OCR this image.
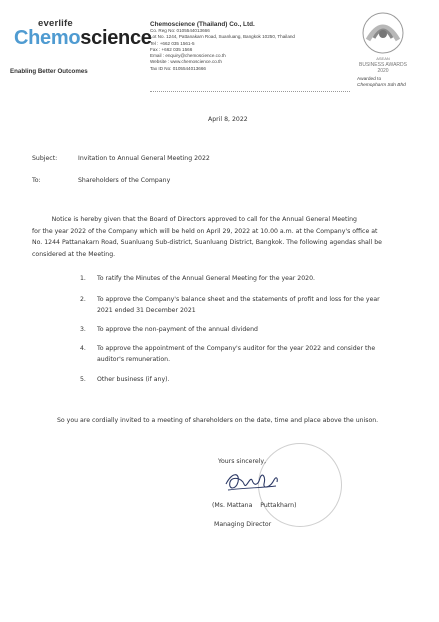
everlife
Chemoscience
Enabling Better Outcomes
Chemoscience (Thailand) Co., Ltd.
Co. Reg No: 0105544013666
Lot No. 1244, Pattanakarn Road, Suanluang, Bangkok 10250, Thailand
Tel : +662 035 1561-5
Fax : +662 035 1566
Email : enquiry@chemoscience.co.th
Website : www.chemoscience.co.th
Tax ID No: 0105544013666
ASEAN
BUSINESS AWARDS
2020
Awarded to
Chemopharm Sdn Bhd
April 8, 2022
Subject:	Invitation to Annual General Meeting 2022
To:	Shareholders of the Company
Notice is hereby given that the Board of Directors approved to call for the Annual General Meeting
for the year 2022 of the Company which will be held on April 29, 2022 at 10.00 a.m. at the Company's office at
No. 1244 Pattanakarn Road, Suanluang Sub-district, Suanluang District, Bangkok. The following agendas shall be
considered at the Meeting.
1. To ratify the Minutes of the Annual General Meeting for the year 2020.
2. To approve the Company's balance sheet and the statements of profit and loss for the year
2021 ended 31 December 2021
3. To approve the non-payment of the annual dividend
4. To approve the appointment of the Company's auditor for the year 2022 and consider the
auditor's remuneration.
5. Other business (if any).
So you are cordially invited to a meeting of shareholders on the date, time and place above the unison.
Yours sincerely,
(Ms. Mattana    Puttakharn)
Managing Director
